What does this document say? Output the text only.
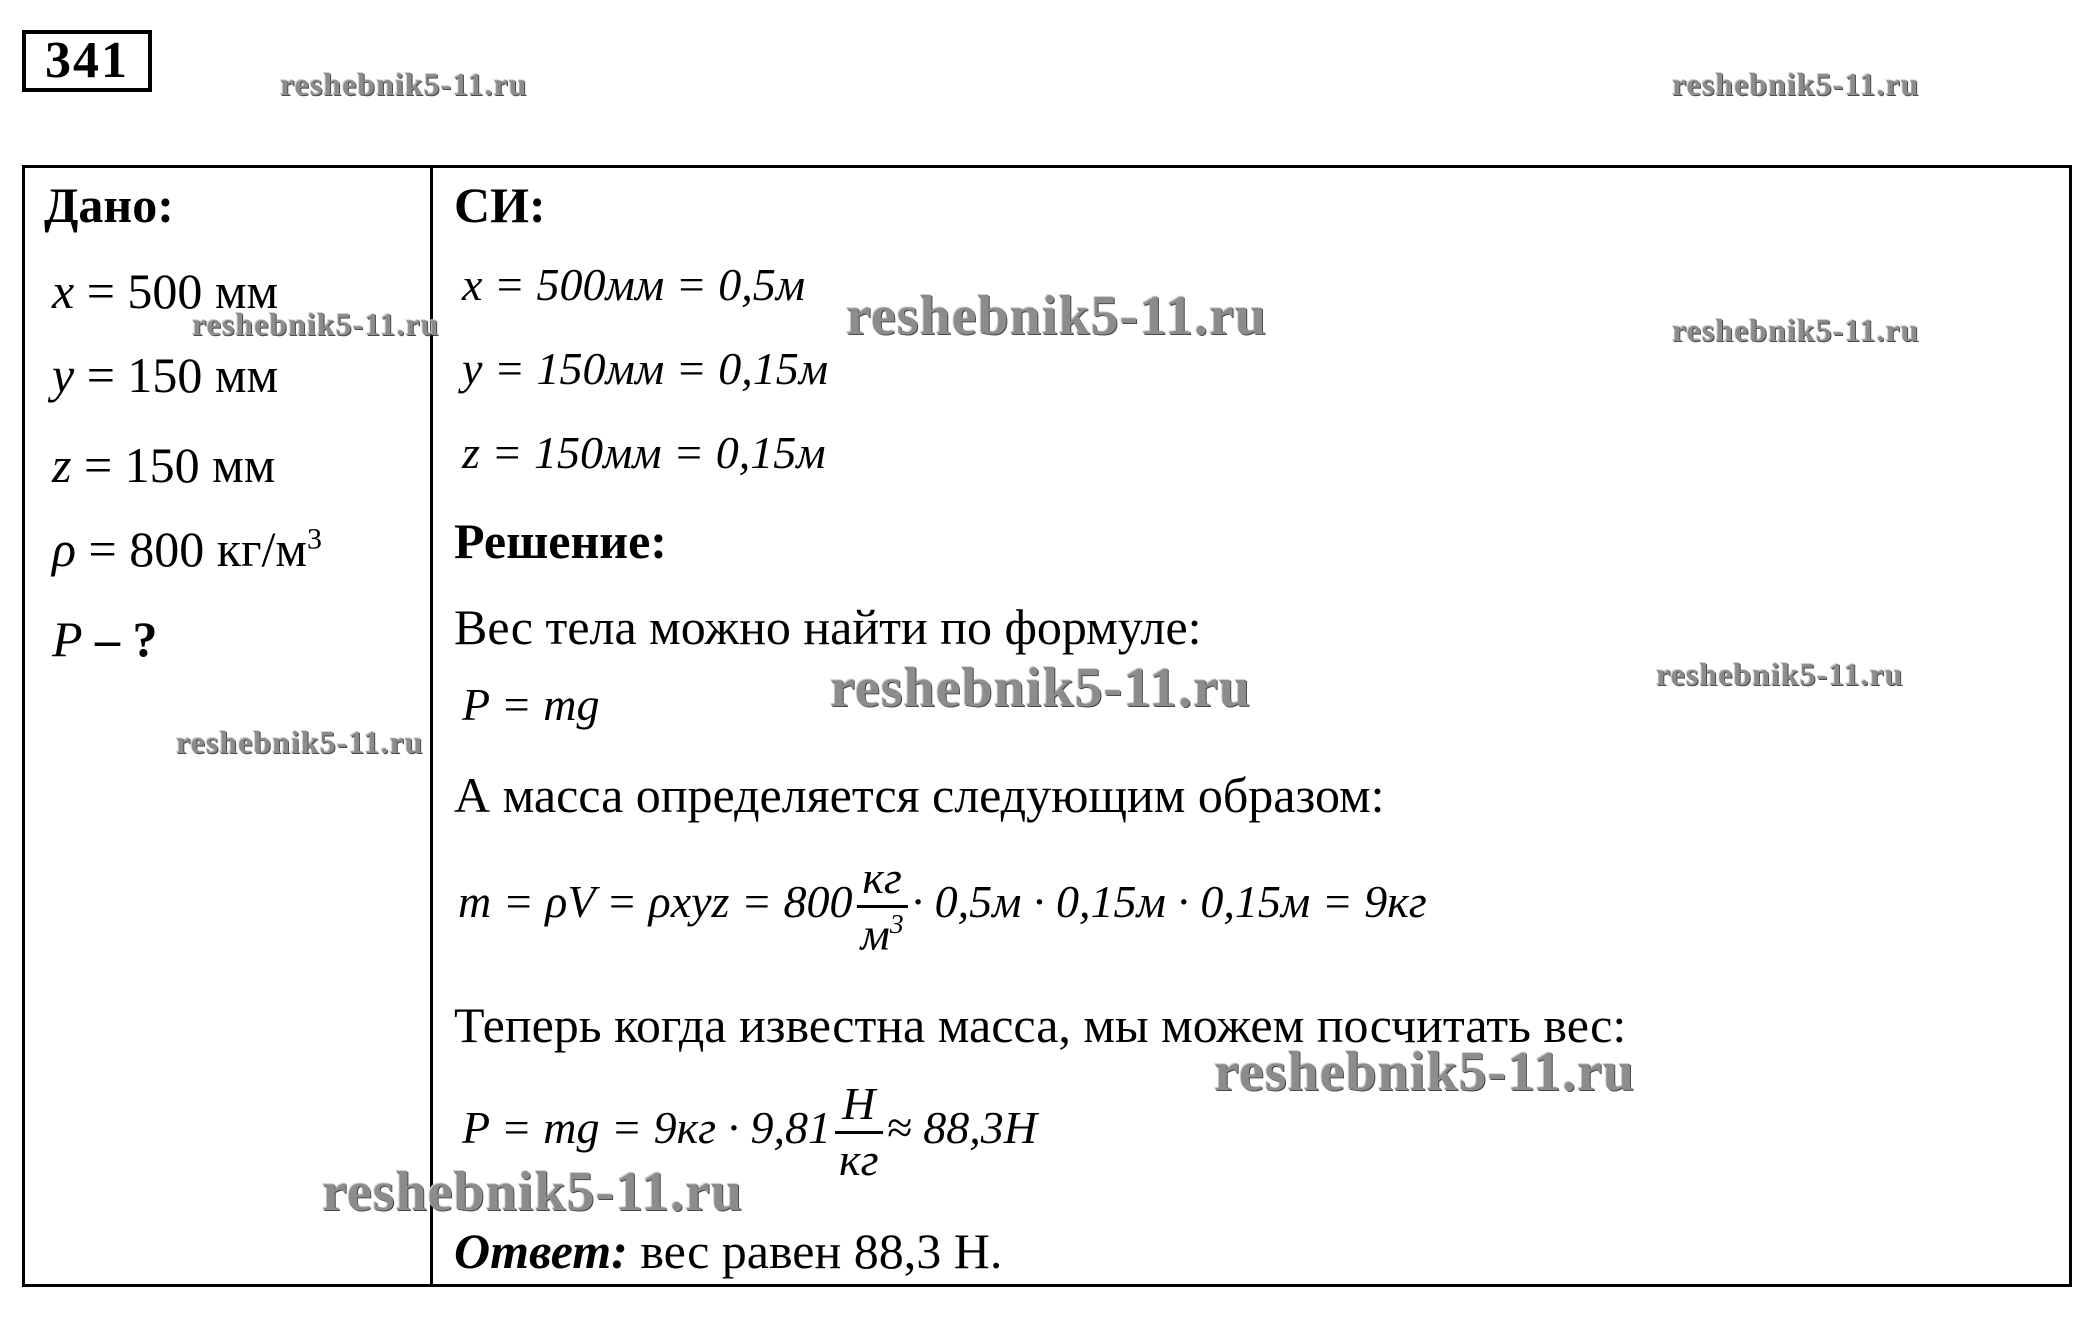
341	reshebnik5-11.ru	reshebnik5-11.ru
Дано:
x = 500 мм
y = 150 мм
z = 150 мм
ρ = 800 $кг/м^3$
P – ?
reshebnik5-11.ru
reshebnik5-11.ru
СИ:
x = 500мм = 0,5м
y = 150мм = 0,15м
z = 150мм = 0,15м
reshebnik5-11.ru	reshebnik5-11.ru
Решение:
Вес тела можно найти по формуле:
P = mg	reshebnik5-11.ru	reshebnik5-11.ru
А масса определяется следующим образом:
$m = \rho V = \rho xyz = 800 \frac{кг}{м^3} \cdot 0,5м \cdot 0,15м \cdot 0,15м = 9кг$
Теперь когда известна масса, мы можем посчитать вес:
reshebnik5-11.ru
P = mg = $9кг \cdot 9,81 \frac{Н}{кг} \approx 88,3Н$
reshebnik5-11.ru
Ответ: вес равен 88,3 Н.
